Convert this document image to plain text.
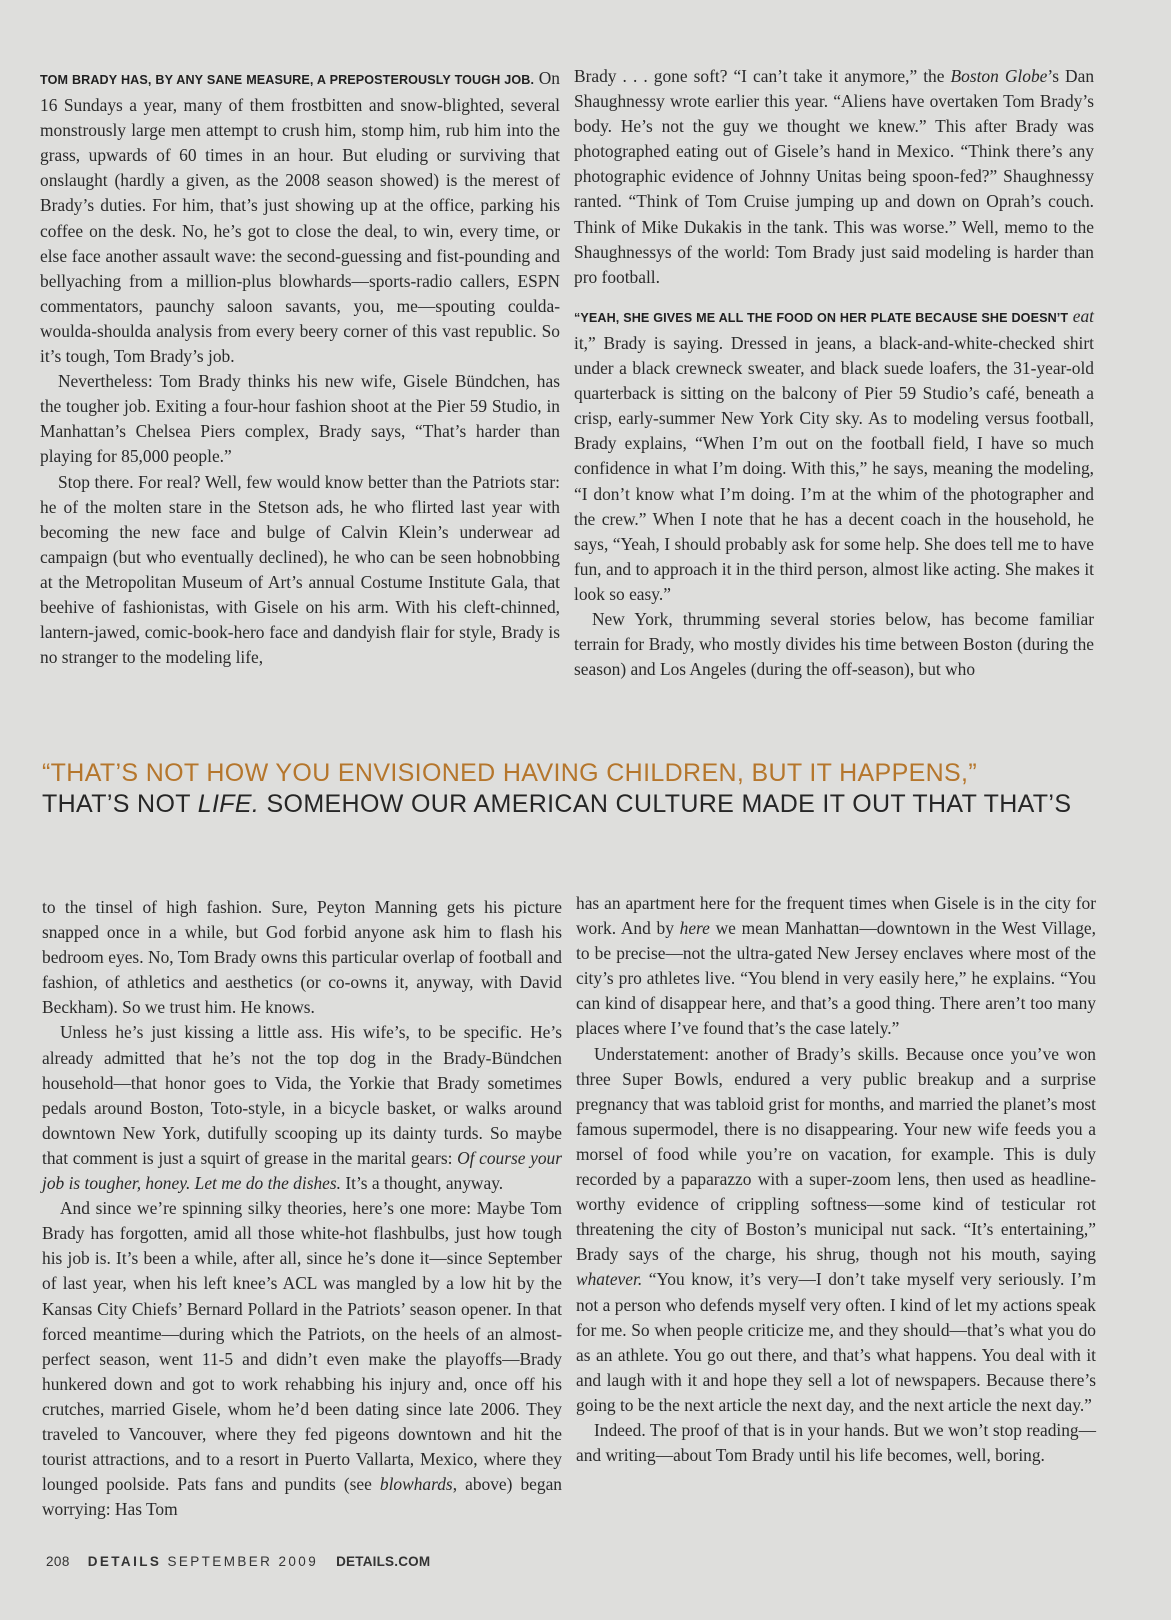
TOM BRADY HAS, BY ANY SANE MEASURE, A PREPOSTEROUSLY TOUGH JOB. On 16 Sundays a year, many of them frostbitten and snow-blighted, several monstrously large men attempt to crush him, stomp him, rub him into the grass, upwards of 60 times in an hour. But eluding or surviving that onslaught (hardly a given, as the 2008 season showed) is the merest of Brady’s duties. For him, that’s just showing up at the office, parking his coffee on the desk. No, he’s got to close the deal, to win, every time, or else face another assault wave: the second-guessing and fist-pounding and bellyaching from a million-plus blowhards—sports-radio callers, ESPN commentators, paunchy saloon savants, you, me—spouting coulda-woulda-shoulda analysis from every beery corner of this vast republic. So it’s tough, Tom Brady’s job.

Nevertheless: Tom Brady thinks his new wife, Gisele Bündchen, has the tougher job. Exiting a four-hour fashion shoot at the Pier 59 Studio, in Manhattan’s Chelsea Piers complex, Brady says, “That’s harder than playing for 85,000 people.”

Stop there. For real? Well, few would know better than the Patriots star: he of the molten stare in the Stetson ads, he who flirted last year with becoming the new face and bulge of Calvin Klein’s underwear ad campaign (but who eventually declined), he who can be seen hobnobbing at the Metropolitan Museum of Art’s annual Costume Institute Gala, that beehive of fashionistas, with Gisele on his arm. With his cleft-chinned, lantern-jawed, comic-book-hero face and dandyish flair for style, Brady is no stranger to the modeling life,

Brady . . . gone soft? “I can’t take it anymore,” the Boston Globe’s Dan Shaughnessy wrote earlier this year. “Aliens have overtaken Tom Brady’s body. He’s not the guy we thought we knew.” This after Brady was photographed eating out of Gisele’s hand in Mexico. “Think there’s any photographic evidence of Johnny Unitas being spoon-fed?” Shaughnessy ranted. “Think of Tom Cruise jumping up and down on Oprah’s couch. Think of Mike Dukakis in the tank. This was worse.” Well, memo to the Shaughnessys of the world: Tom Brady just said modeling is harder than pro football.

“YEAH, SHE GIVES ME ALL THE FOOD ON HER PLATE BECAUSE SHE DOESN’T eat it,” Brady is saying. Dressed in jeans, a black-and-white-checked shirt under a black crewneck sweater, and black suede loafers, the 31-year-old quarterback is sitting on the balcony of Pier 59 Studio’s café, beneath a crisp, early-summer New York City sky. As to modeling versus football, Brady explains, “When I’m out on the football field, I have so much confidence in what I’m doing. With this,” he says, meaning the modeling, “I don’t know what I’m doing. I’m at the whim of the photographer and the crew.” When I note that he has a decent coach in the household, he says, “Yeah, I should probably ask for some help. She does tell me to have fun, and to approach it in the third person, almost like acting. She makes it look so easy.”

New York, thrumming several stories below, has become familiar terrain for Brady, who mostly divides his time between Boston (during the season) and Los Angeles (during the off-season), but who

“THAT’S NOT HOW YOU ENVISIONED HAVING CHILDREN, BUT IT HAPPENS,”
THAT’S NOT LIFE. SOMEHOW OUR AMERICAN CULTURE MADE IT OUT THAT THAT’S

to the tinsel of high fashion. Sure, Peyton Manning gets his picture snapped once in a while, but God forbid anyone ask him to flash his bedroom eyes. No, Tom Brady owns this particular overlap of football and fashion, of athletics and aesthetics (or co-owns it, anyway, with David Beckham). So we trust him. He knows.

Unless he’s just kissing a little ass. His wife’s, to be specific. He’s already admitted that he’s not the top dog in the Brady-Bündchen household—that honor goes to Vida, the Yorkie that Brady sometimes pedals around Boston, Toto-style, in a bicycle basket, or walks around downtown New York, dutifully scooping up its dainty turds. So maybe that comment is just a squirt of grease in the marital gears: Of course your job is tougher, honey. Let me do the dishes. It’s a thought, anyway.

And since we’re spinning silky theories, here’s one more: Maybe Tom Brady has forgotten, amid all those white-hot flashbulbs, just how tough his job is. It’s been a while, after all, since he’s done it—since September of last year, when his left knee’s ACL was mangled by a low hit by the Kansas City Chiefs’ Bernard Pollard in the Patriots’ season opener. In that forced meantime—during which the Patriots, on the heels of an almost-perfect season, went 11-5 and didn’t even make the playoffs—Brady hunkered down and got to work rehabbing his injury and, once off his crutches, married Gisele, whom he’d been dating since late 2006. They traveled to Vancouver, where they fed pigeons downtown and hit the tourist attractions, and to a resort in Puerto Vallarta, Mexico, where they lounged poolside. Pats fans and pundits (see blowhards, above) began worrying: Has Tom

has an apartment here for the frequent times when Gisele is in the city for work. And by here we mean Manhattan—downtown in the West Village, to be precise—not the ultra-gated New Jersey enclaves where most of the city’s pro athletes live. “You blend in very easily here,” he explains. “You can kind of disappear here, and that’s a good thing. There aren’t too many places where I’ve found that’s the case lately.”

Understatement: another of Brady’s skills. Because once you’ve won three Super Bowls, endured a very public breakup and a surprise pregnancy that was tabloid grist for months, and married the planet’s most famous supermodel, there is no disappearing. Your new wife feeds you a morsel of food while you’re on vacation, for example. This is duly recorded by a paparazzo with a super-zoom lens, then used as headline-worthy evidence of crippling softness—some kind of testicular rot threatening the city of Boston’s municipal nut sack. “It’s entertaining,” Brady says of the charge, his shrug, though not his mouth, saying whatever. “You know, it’s very—I don’t take myself very seriously. I’m not a person who defends myself very often. I kind of let my actions speak for me. So when people criticize me, and they should—that’s what you do as an athlete. You go out there, and that’s what happens. You deal with it and laugh with it and hope they sell a lot of newspapers. Because there’s going to be the next article the next day, and the next article the next day.”

Indeed. The proof of that is in your hands. But we won’t stop reading—and writing—about Tom Brady until his life becomes, well, boring.

208 DETAILS SEPTEMBER 2009 DETAILS.COM
